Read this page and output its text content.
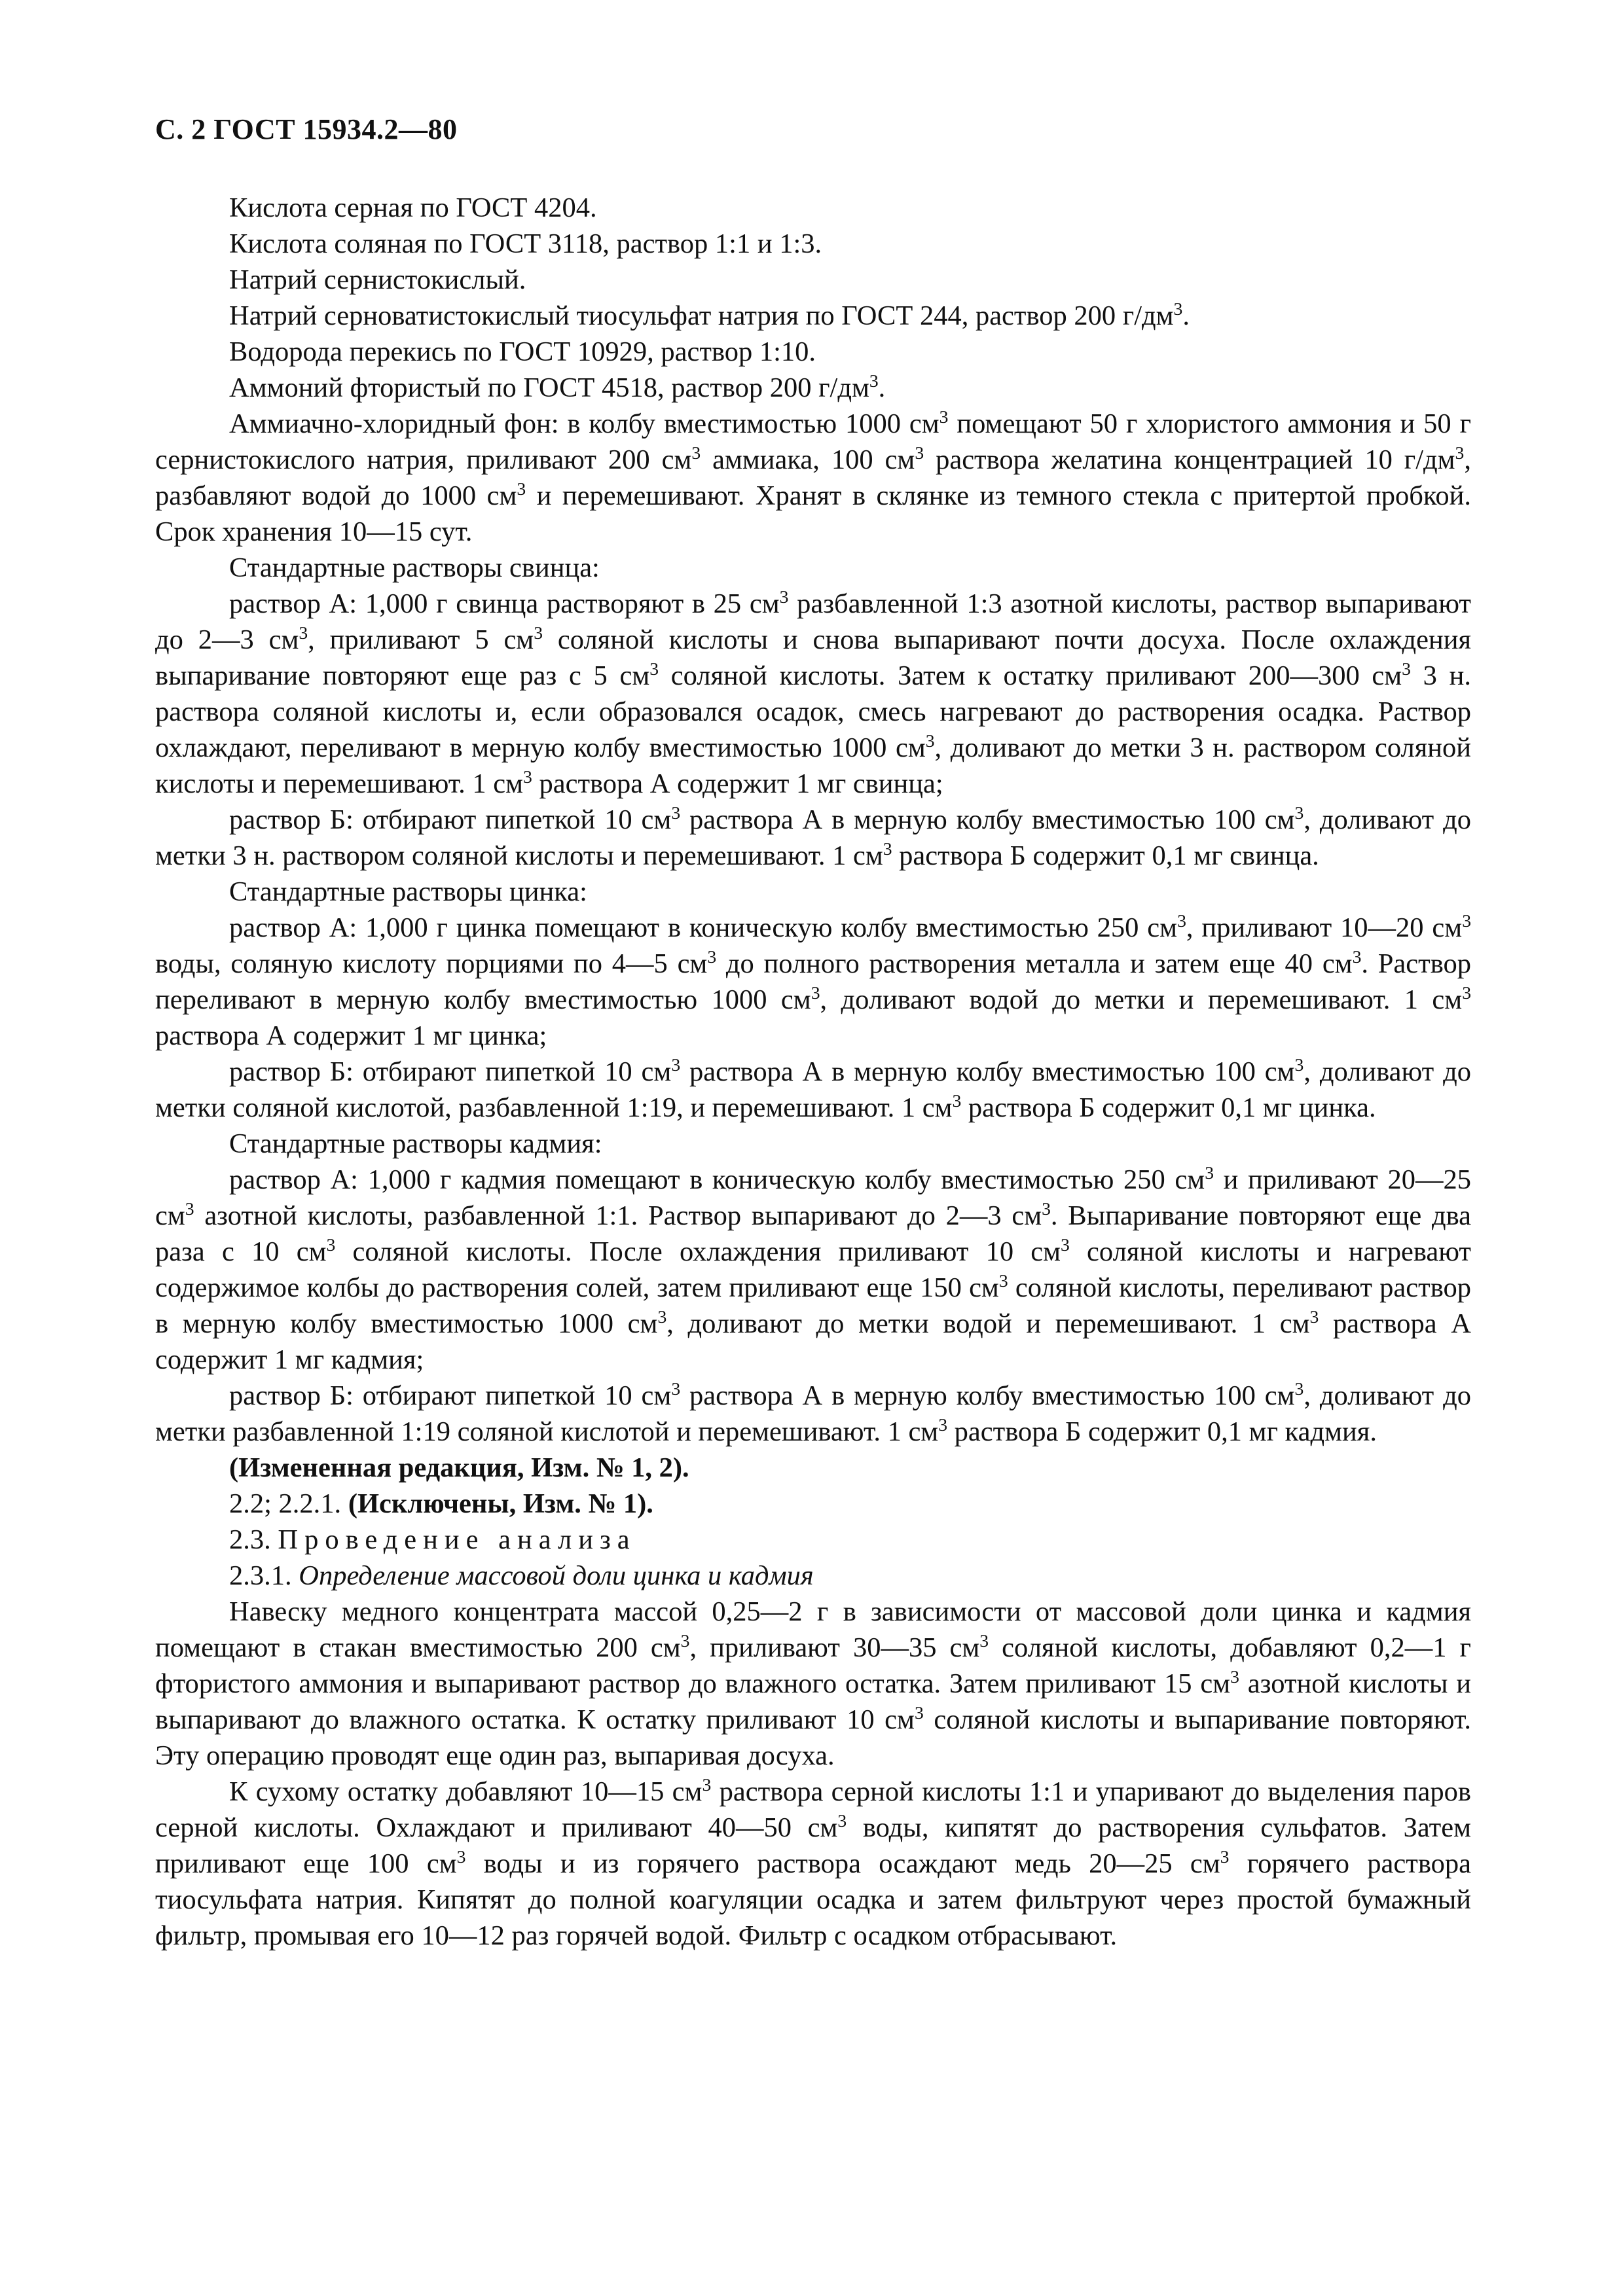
С. 2 ГОСТ 15934.2—80

Кислота серная по ГОСТ 4204.

Кислота соляная по ГОСТ 3118, раствор 1:1 и 1:3.

Натрий сернистокислый.

Натрий серноватистокислый тиосульфат натрия по ГОСТ 244, раствор 200 $г/дм^3$.

Водорода перекись по ГОСТ 10929, раствор 1:10.

Аммоний фтористый по ГОСТ 4518, раствор 200 $г/дм^3$.

Аммиачно-хлоридный фон: в колбу вместимостью 1000 $см^3$ помещают 50 г хлористого аммония и 50 г сернистокислого натрия, приливают 200 $см^3$ аммиака, 100 $см^3$ раствора желатина концентрацией 10 $г/дм^3$, разбавляют водой до 1000 $см^3$ и перемешивают. Хранят в склянке из темного стекла с притертой пробкой. Срок хранения 10—15 сут.

Стандартные растворы свинца:

раствор А: 1,000 г свинца растворяют в 25 $см^3$ разбавленной 1:3 азотной кислоты, раствор выпаривают до 2—3 $см^3$, приливают 5 $см^3$ соляной кислоты и снова выпаривают почти досуха. После охлаждения выпаривание повторяют еще раз с 5 $см^3$ соляной кислоты. Затем к остатку приливают 200—300 $см^3$ 3 н. раствора соляной кислоты и, если образовался осадок, смесь нагревают до растворения осадка. Раствор охлаждают, переливают в мерную колбу вместимостью 1000 $см^3$, доливают до метки 3 н. раствором соляной кислоты и перемешивают. 1 $см^3$ раствора А содержит 1 мг свинца;

раствор Б: отбирают пипеткой 10 $см^3$ раствора А в мерную колбу вместимостью 100 $см^3$, доливают до метки 3 н. раствором соляной кислоты и перемешивают. 1 $см^3$ раствора Б содержит 0,1 мг свинца.

Стандартные растворы цинка:

раствор А: 1,000 г цинка помещают в коническую колбу вместимостью 250 $см^3$, приливают 10—20 $см^3$ воды, соляную кислоту порциями по 4—5 $см^3$ до полного растворения металла и затем еще 40 $см^3$. Раствор переливают в мерную колбу вместимостью 1000 $см^3$, доливают водой до метки и перемешивают. 1 $см^3$ раствора А содержит 1 мг цинка;

раствор Б: отбирают пипеткой 10 $см^3$ раствора А в мерную колбу вместимостью 100 $см^3$, доливают до метки соляной кислотой, разбавленной 1:19, и перемешивают. 1 $см^3$ раствора Б содержит 0,1 мг цинка.

Стандартные растворы кадмия:

раствор А: 1,000 г кадмия помещают в коническую колбу вместимостью 250 $см^3$ и приливают 20—25 $см^3$ азотной кислоты, разбавленной 1:1. Раствор выпаривают до 2—3 $см^3$. Выпаривание повторяют еще два раза с 10 $см^3$ соляной кислоты. После охлаждения приливают 10 $см^3$ соляной кислоты и нагревают содержимое колбы до растворения солей, затем приливают еще 150 $см^3$ соляной кислоты, переливают раствор в мерную колбу вместимостью 1000 $см^3$, доливают до метки водой и перемешивают. 1 $см^3$ раствора А содержит 1 мг кадмия;

раствор Б: отбирают пипеткой 10 $см^3$ раствора А в мерную колбу вместимостью 100 $см^3$, доливают до метки разбавленной 1:19 соляной кислотой и перемешивают. 1 $см^3$ раствора Б содержит 0,1 мг кадмия.

(Измененная редакция, Изм. № 1, 2).

2.2; 2.2.1. (Исключены, Изм. № 1).

2.3. Проведение анализа

2.3.1. Определение массовой доли цинка и кадмия

Навеску медного концентрата массой 0,25—2 г в зависимости от массовой доли цинка и кадмия помещают в стакан вместимостью 200 $см^3$, приливают 30—35 $см^3$ соляной кислоты, добавляют 0,2—1 г фтористого аммония и выпаривают раствор до влажного остатка. Затем приливают 15 $см^3$ азотной кислоты и выпаривают до влажного остатка. К остатку приливают 10 $см^3$ соляной кислоты и выпаривание повторяют. Эту операцию проводят еще один раз, выпаривая досуха.

К сухому остатку добавляют 10—15 $см^3$ раствора серной кислоты 1:1 и упаривают до выделения паров серной кислоты. Охлаждают и приливают 40—50 $см^3$ воды, кипятят до растворения сульфатов. Затем приливают еще 100 $см^3$ воды и из горячего раствора осаждают медь 20—25 $см^3$ горячего раствора тиосульфата натрия. Кипятят до полной коагуляции осадка и затем фильтруют через простой бумажный фильтр, промывая его 10—12 раз горячей водой. Фильтр с осадком отбрасывают.
